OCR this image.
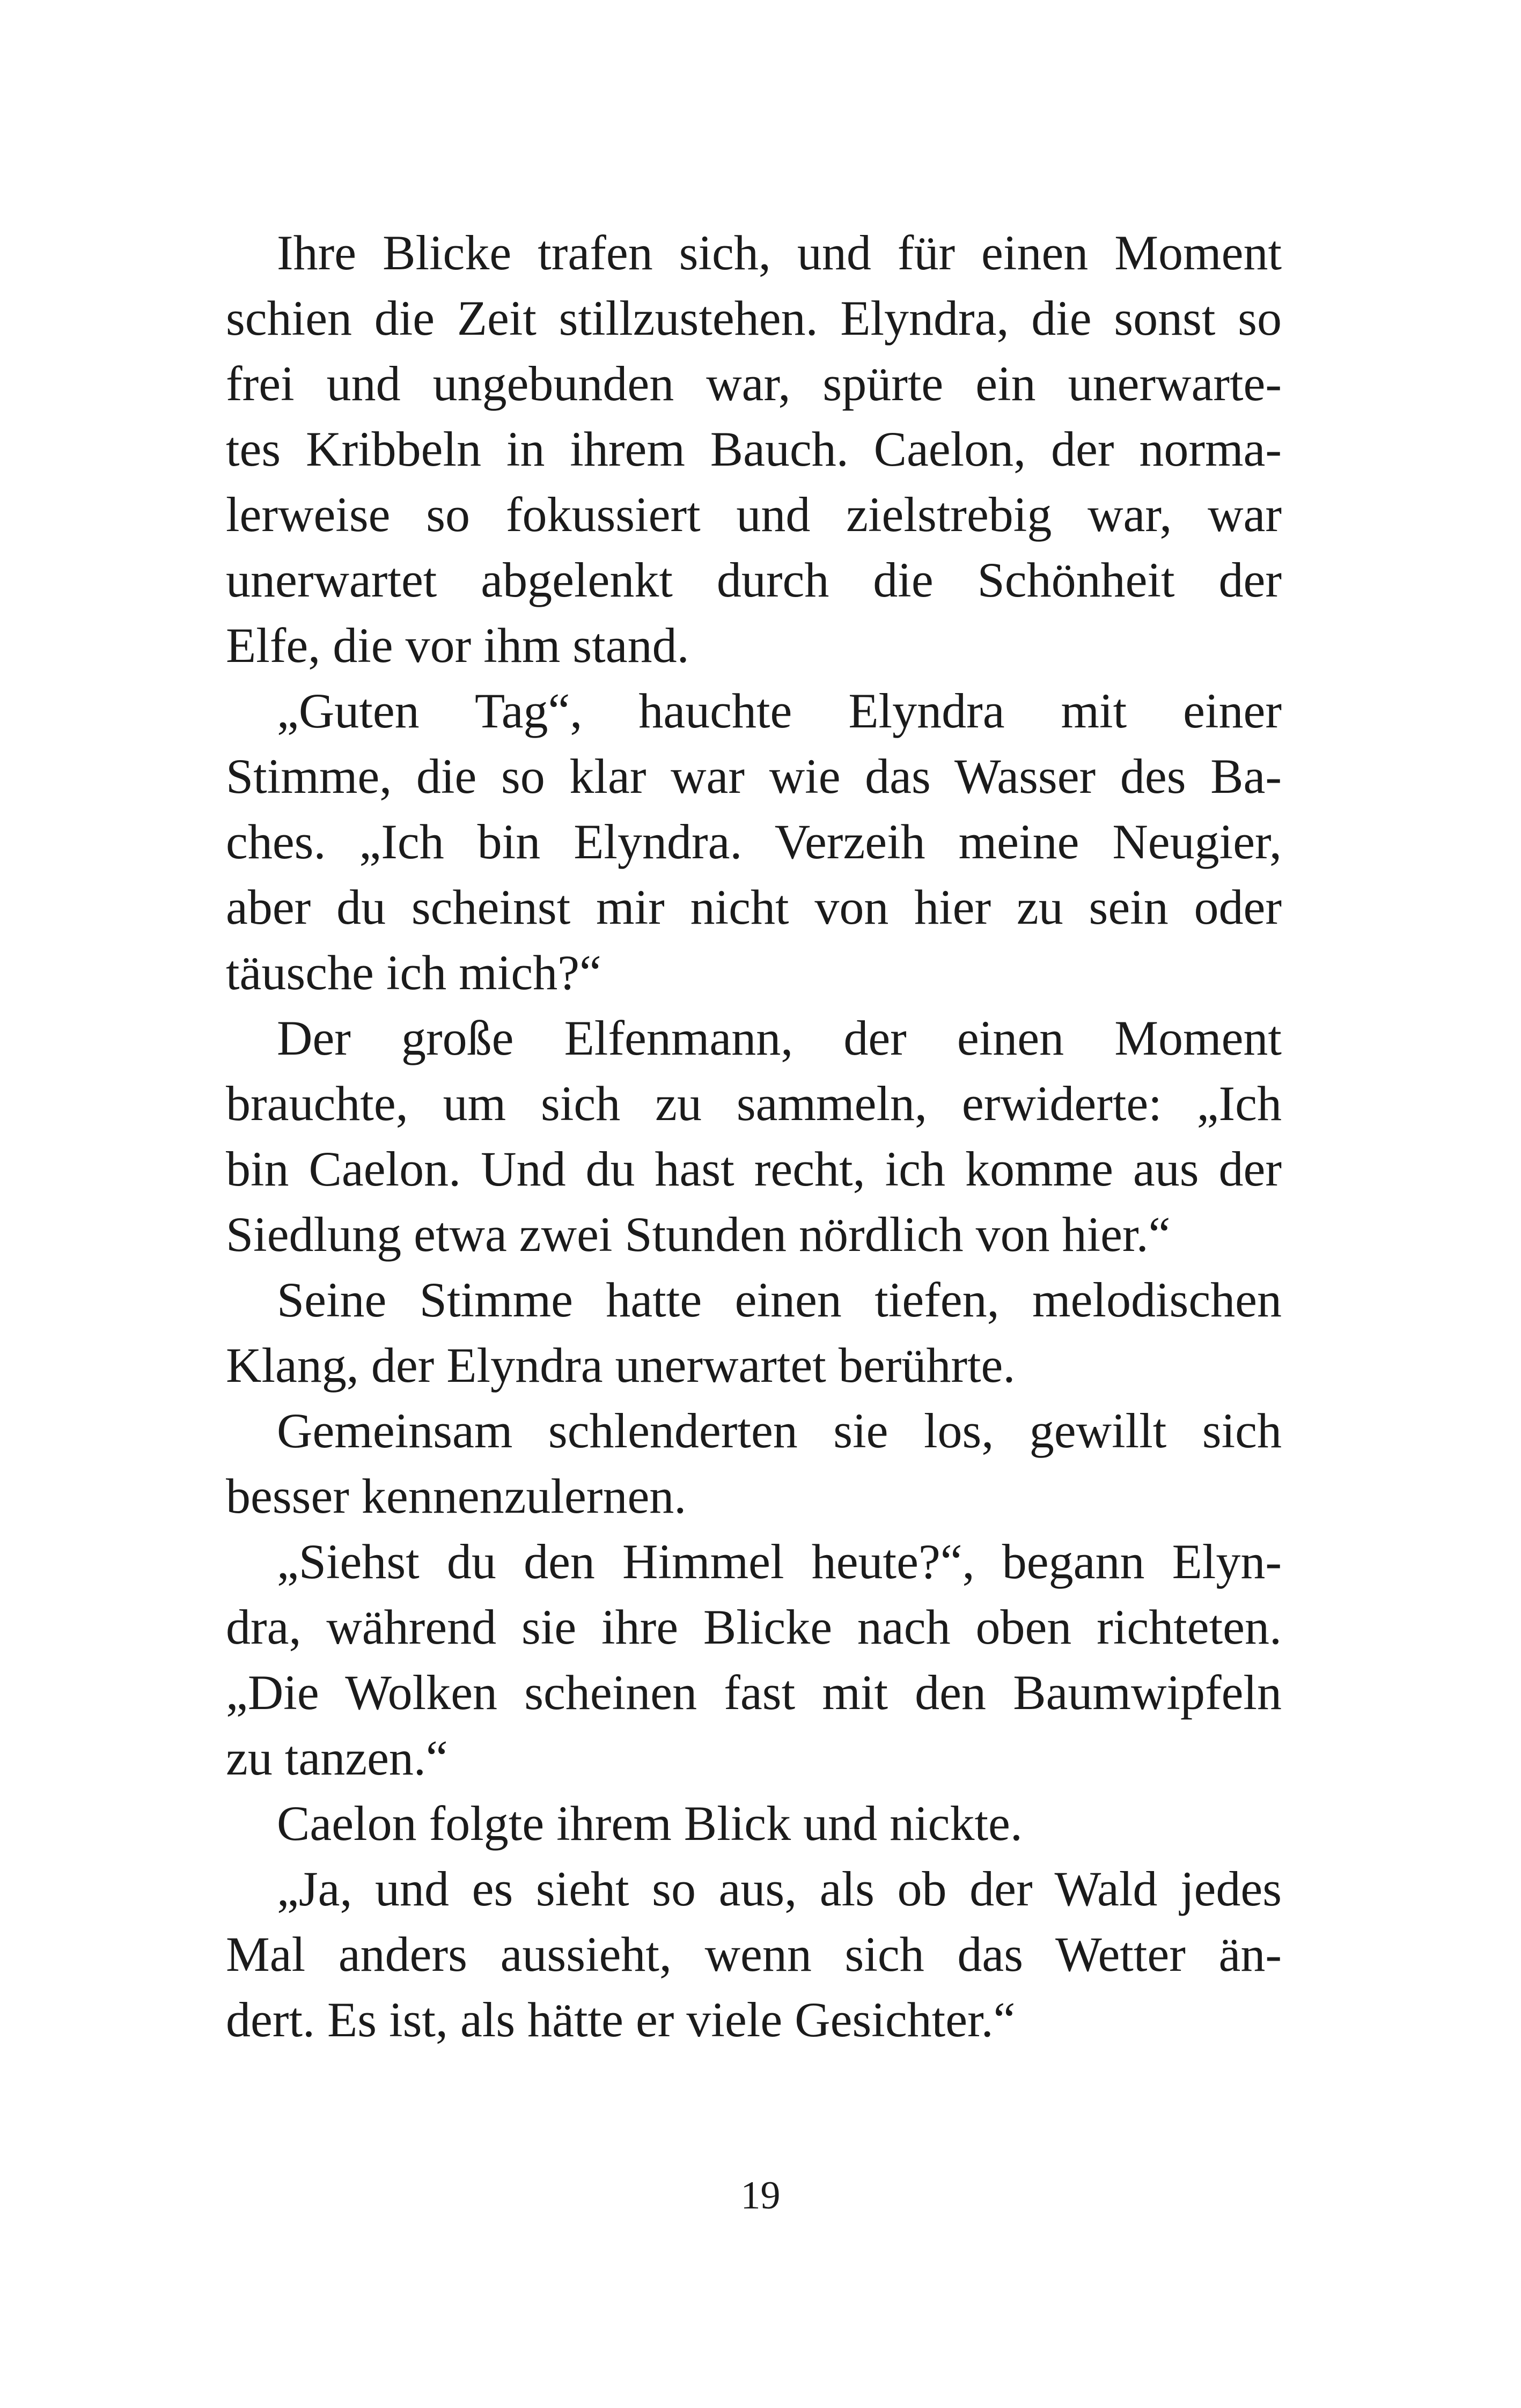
Ihre Blicke trafen sich, und für einen Moment
schien die Zeit stillzustehen. Elyndra, die sonst so
frei und ungebunden war, spürte ein unerwarte-
tes Kribbeln in ihrem Bauch. Caelon, der norma-
lerweise so fokussiert und zielstrebig war, war
unerwartet abgelenkt durch die Schönheit der
Elfe, die vor ihm stand.
„Guten Tag“, hauchte Elyndra mit einer
Stimme, die so klar war wie das Wasser des Ba-
ches. „Ich bin Elyndra. Verzeih meine Neugier,
aber du scheinst mir nicht von hier zu sein oder
täusche ich mich?“
Der große Elfenmann, der einen Moment
brauchte, um sich zu sammeln, erwiderte: „Ich
bin Caelon. Und du hast recht, ich komme aus der
Siedlung etwa zwei Stunden nördlich von hier.“
Seine Stimme hatte einen tiefen, melodischen
Klang, der Elyndra unerwartet berührte.
Gemeinsam schlenderten sie los, gewillt sich
besser kennenzulernen.
„Siehst du den Himmel heute?“, begann Elyn-
dra, während sie ihre Blicke nach oben richteten.
„Die Wolken scheinen fast mit den Baumwipfeln
zu tanzen.“
Caelon folgte ihrem Blick und nickte.
„Ja, und es sieht so aus, als ob der Wald jedes
Mal anders aussieht, wenn sich das Wetter än-
dert. Es ist, als hätte er viele Gesichter.“
19
